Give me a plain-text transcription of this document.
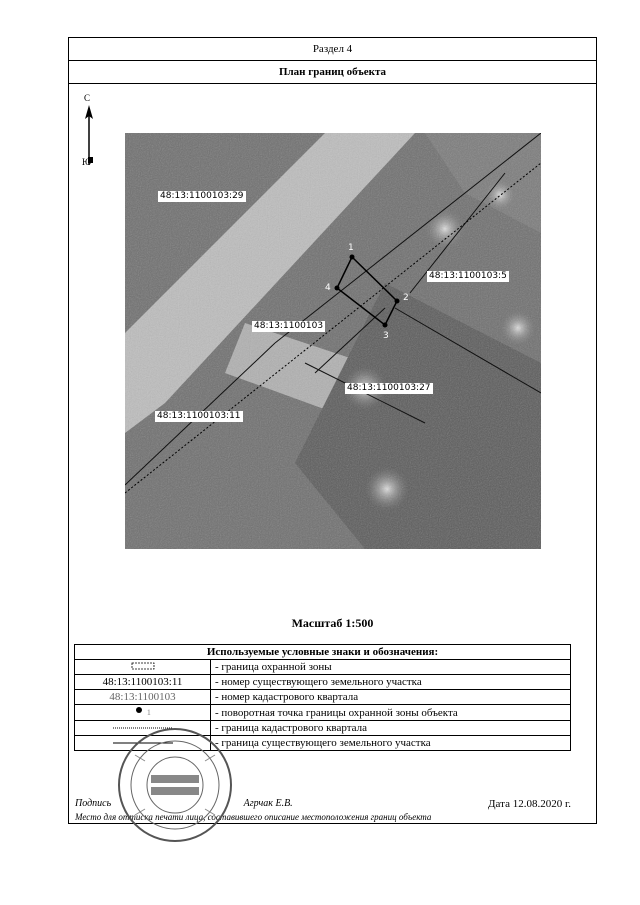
Раздел 4
План границ объекта
С
Ю
48:13:1100103:29
48:13:1100103:5
48:13:1100103
48:13:1100103:27
48:13:1100103:11
1
2
3
4
Масштаб 1:500
Используемые условные знаки и обозначения:	
	- граница охранной зоны
48:13:1100103:11	- номер существующего земельного участка
48:13:1100103	- номер кадастрового квартала
1	- поворотная точка границы охранной зоны объекта
	- граница кадастрового квартала
	- граница существующего земельного участка
Подпись	Агрчак Е.В.	Дата 12.08.2020 г.
Место для оттиска печати лица, составившего описание местоположения границ объекта
